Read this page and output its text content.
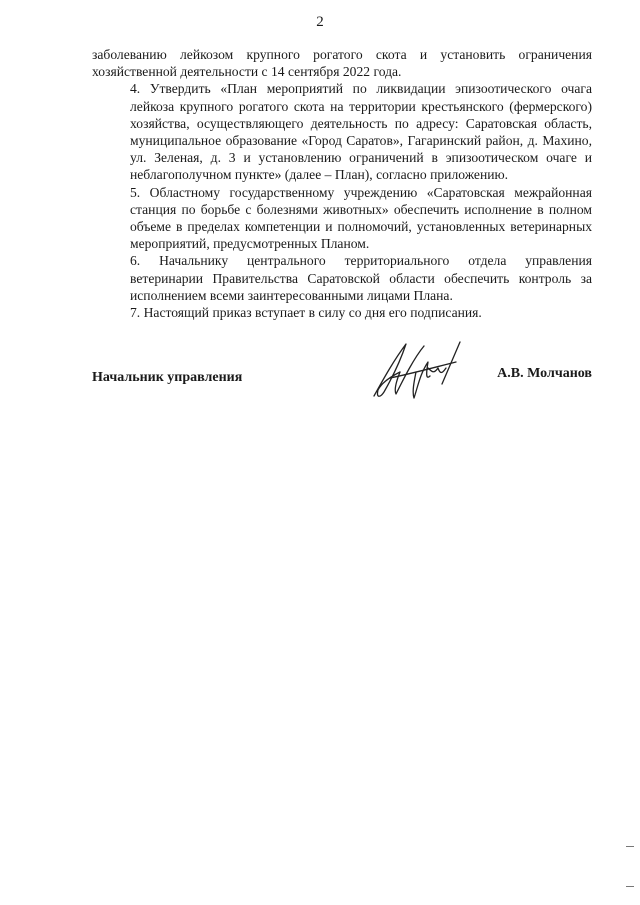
2

заболеванию лейкозом крупного рогатого скота и установить ограничения
хозяйственной деятельности с 14 сентября 2022 года.

4. Утвердить «План мероприятий по ликвидации эпизоотического очага
лейкоза крупного рогатого скота на территории крестьянского (фермерского)
хозяйства, осуществляющего деятельность по адресу: Саратовская область,
муниципальное образование «Город Саратов», Гагаринский район, д. Махино,
ул. Зеленая, д. 3 и установлению ограничений в эпизоотическом очаге и
неблагополучном пункте» (далее – План), согласно приложению.

5. Областному государственному учреждению «Саратовская межрайонная
станция по борьбе с болезнями животных» обеспечить исполнение в полном
объеме в пределах компетенции и полномочий, установленных ветеринарных
мероприятий, предусмотренных Планом.

6. Начальнику центрального территориального отдела управления
ветеринарии Правительства Саратовской области обеспечить контроль за
исполнением всеми заинтересованными лицами Плана.

7. Настоящий приказ вступает в силу со дня его подписания.

Начальник управления	А.В. Молчанов
